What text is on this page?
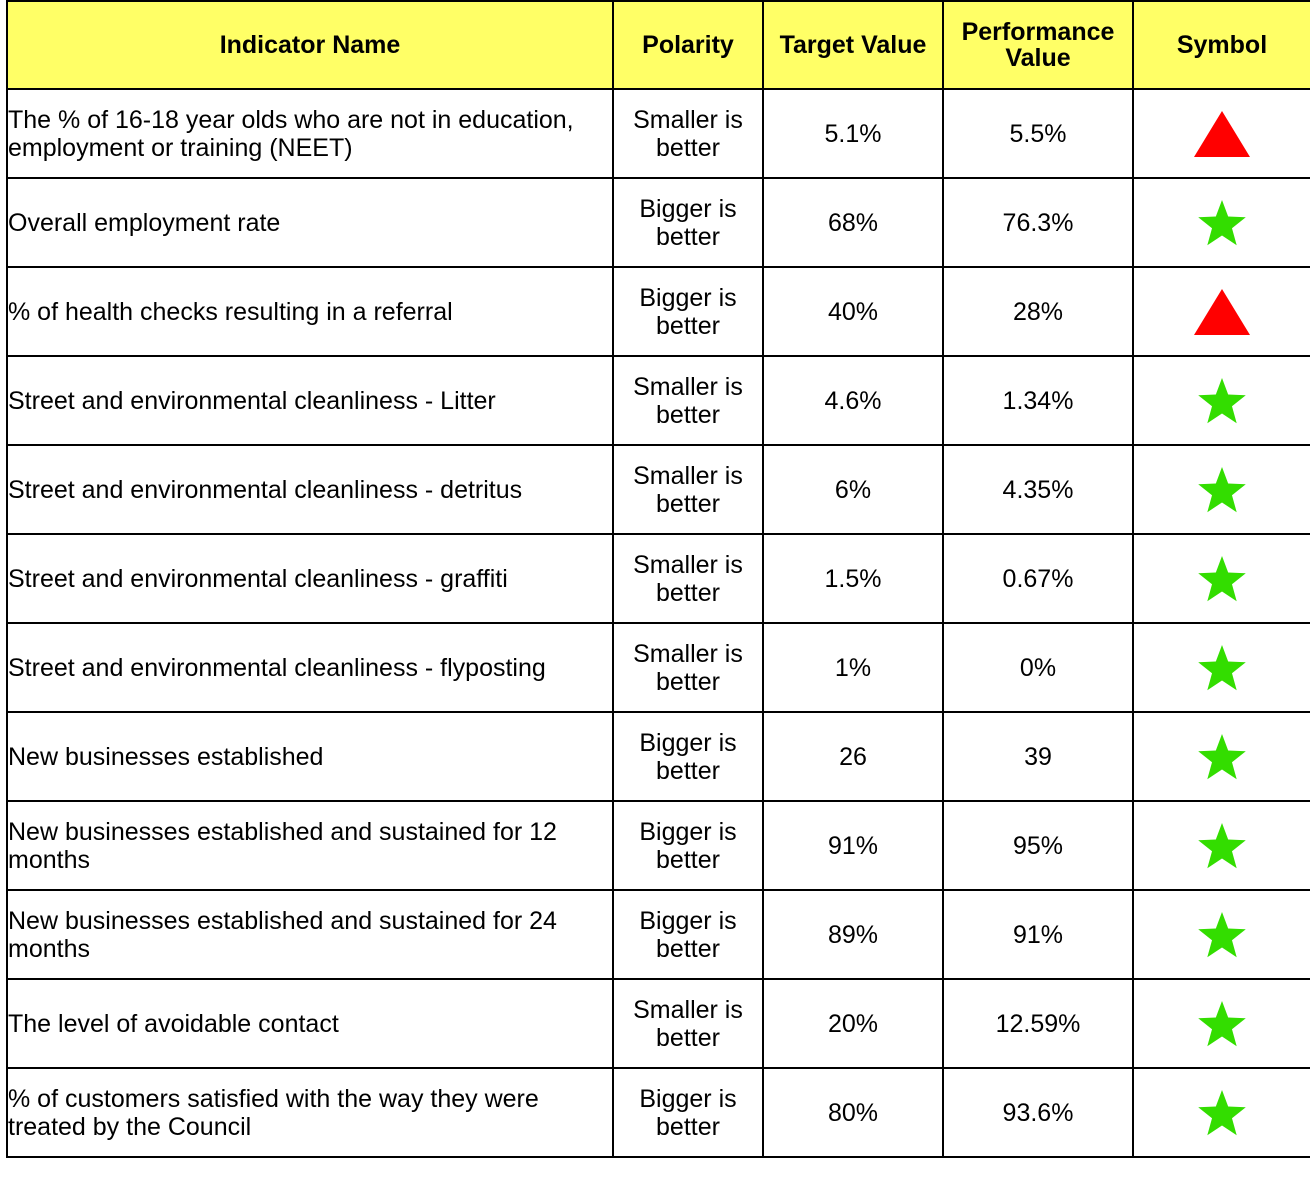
Indicator Name	Polarity	Target Value	Performance Value	Symbol
The % of 16-18 year olds who are not in education, employment or training (NEET)	Smaller is better	5.1%	5.5%	

Overall employment rate	Bigger is better	68%	76.3%	

% of health checks resulting in a referral	Bigger is better	40%	28%	

Street and environmental cleanliness - Litter	Smaller is better	4.6%	1.34%	

Street and environmental cleanliness - detritus	Smaller is better	6%	4.35%	

Street and environmental cleanliness - graffiti	Smaller is better	1.5%	0.67%	

Street and environmental cleanliness - flyposting	Smaller is better	1%	0%	

New businesses established	Bigger is better	26	39	

New businesses established and sustained for 12 months	Bigger is better	91%	95%	

New businesses established and sustained for 24 months	Bigger is better	89%	91%	

The level of avoidable contact	Smaller is better	20%	12.59%	

% of customers satisfied with the way they were treated by the Council	Bigger is better	80%	93.6%	
